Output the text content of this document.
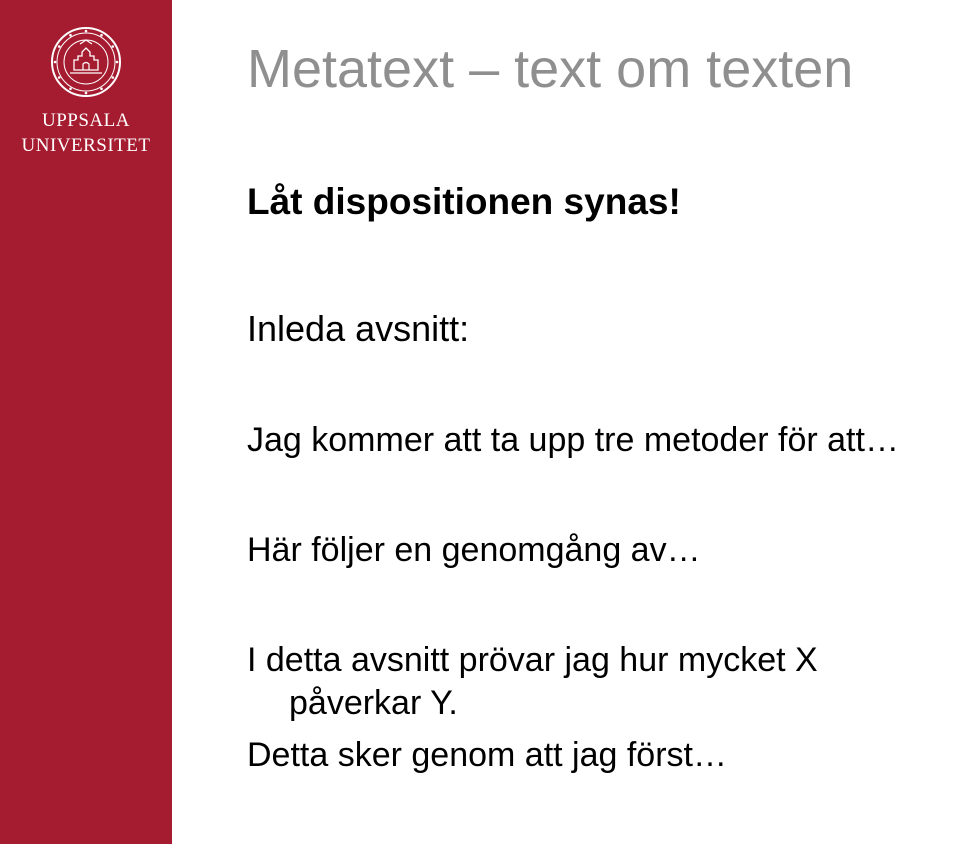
UPPSALA
UNIVERSITET
Metatext – text om texten
Låt dispositionen synas!
Inleda avsnitt:
Jag kommer att ta upp tre metoder för att…
Här följer en genomgång av…
I detta avsnitt prövar jag hur mycket X
påverkar Y.
Detta sker genom att jag först…
